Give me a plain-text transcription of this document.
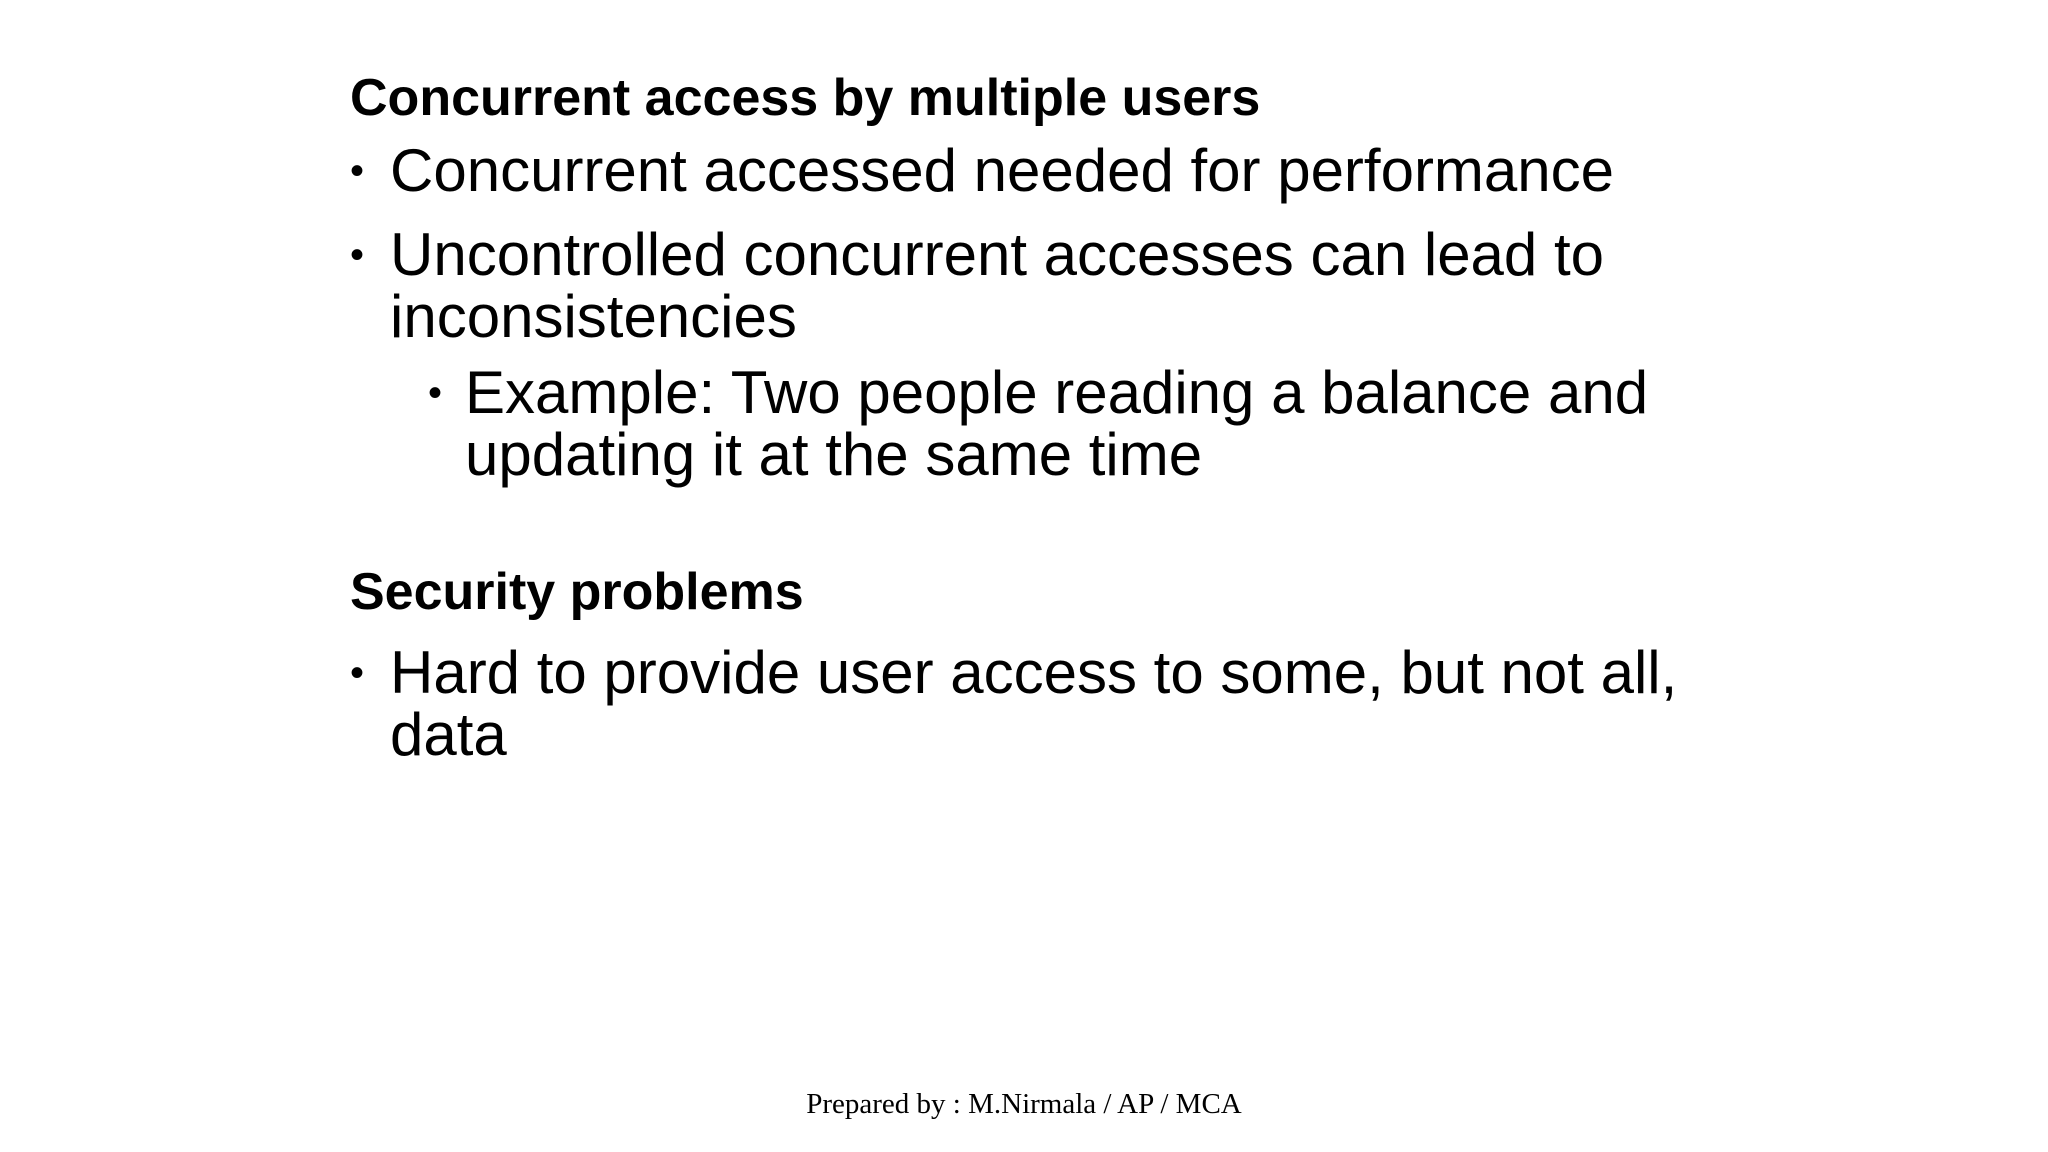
Concurrent access by multiple users

• Concurrent accessed needed for performance

• Uncontrolled concurrent accesses can lead to inconsistencies

• Example: Two people reading a balance and updating it at the same time

Security problems

• Hard to provide user access to some, but not all, data

Prepared by : M.Nirmala / AP / MCA
